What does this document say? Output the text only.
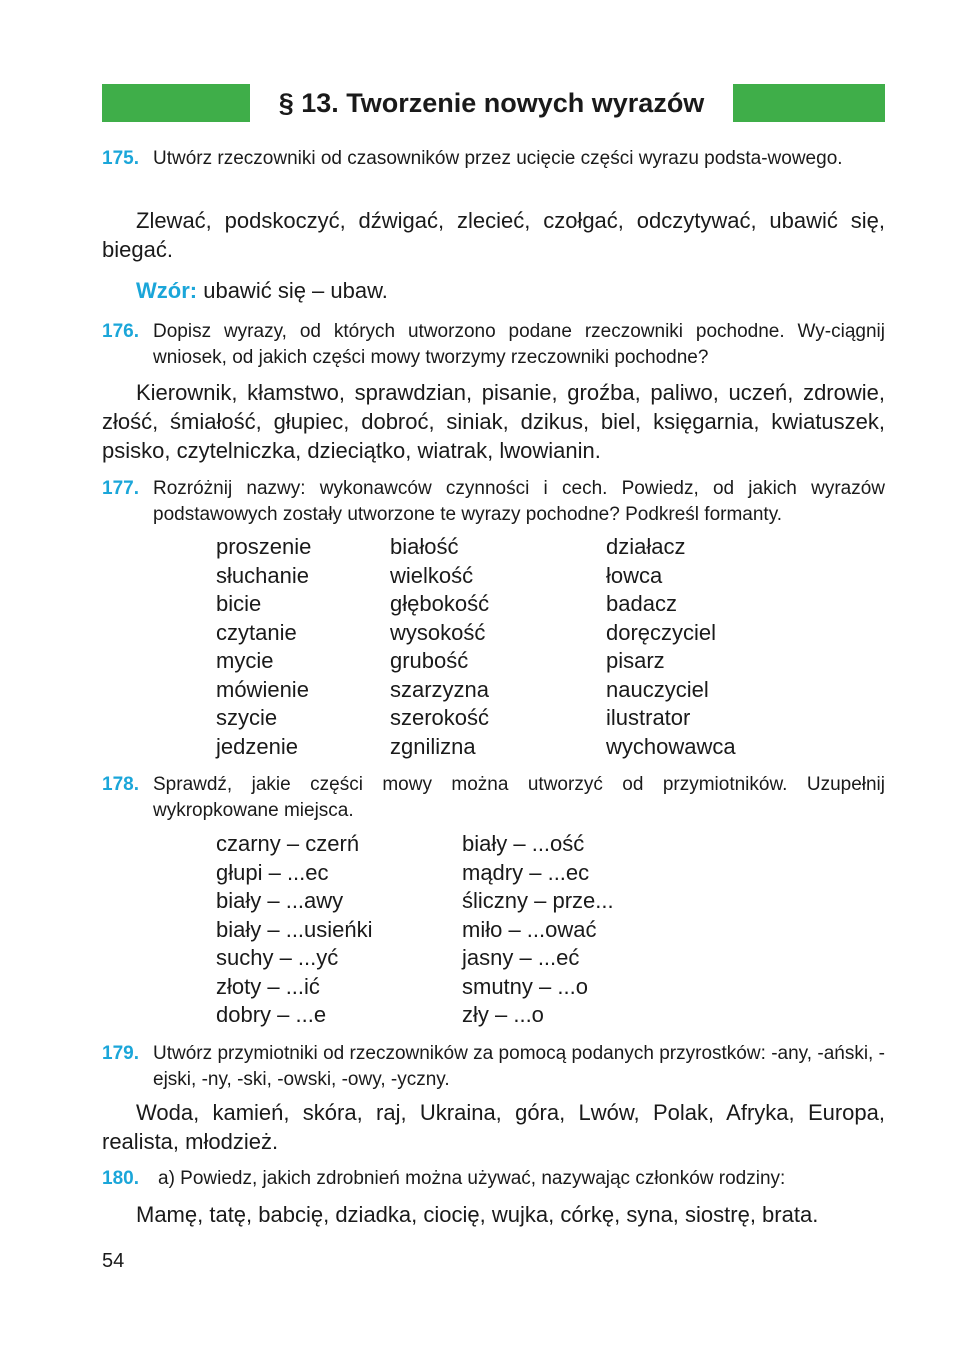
§ 13. Tworzenie nowych wyrazów
175. Utwórz rzeczowniki od czasowników przez ucięcie części wyrazu podsta-wowego.
Zlewać, podskoczyć, dźwigać, zlecieć, czołgać, odczytywać, ubawić się, biegać.
Wzór: ubawić się – ubaw.
176. Dopisz wyrazy, od których utworzono podane rzeczowniki pochodne. Wy-ciągnij wniosek, od jakich części mowy tworzymy rzeczowniki pochodne?
Kierownik, kłamstwo, sprawdzian, pisanie, groźba, paliwo, uczeń, zdrowie, złość, śmiałość, głupiec, dobroć, siniak, dzikus, biel, księgarnia, kwiatuszek, psisko, czytelniczka, dzieciątko, wiatrak, lwowianin.
177. Rozróżnij nazwy: wykonawców czynności i cech. Powiedz, od jakich wyrazów podstawowych zostały utworzone te wyrazy pochodne? Podkreśl formanty.
proszenie
słuchanie
bicie
czytanie
mycie
mówienie
szycie
jedzenie
białość
wielkość
głębokość
wysokość
grubość
szarzyzna
szerokość
zgnilizna
działacz
łowca
badacz
doręczyciel
pisarz
nauczyciel
ilustrator
wychowawca
178. Sprawdź, jakie części mowy można utworzyć od przymiotników. Uzupełnij wykropkowane miejsca.
czarny – czerń
głupi – ...ec
biały – ...awy
biały – ...usieńki
suchy – ...yć
złoty – ...ić
dobry – ...e
biały – ...ość
mądry – ...ec
śliczny – prze...
miło – ...ować
jasny – ...eć
smutny – ...o
zły – ...o
179. Utwórz przymiotniki od rzeczowników za pomocą podanych przyrostków: -any, -ański, -ejski, -ny, -ski, -owski, -owy, -yczny.
Woda, kamień, skóra, raj, Ukraina, góra, Lwów, Polak, Afryka, Europa, realista, młodzież.
180. a) Powiedz, jakich zdrobnień można używać, nazywając członków rodziny:
Mamę, tatę, babcię, dziadka, ciocię, wujka, córkę, syna, siostrę, brata.
54
